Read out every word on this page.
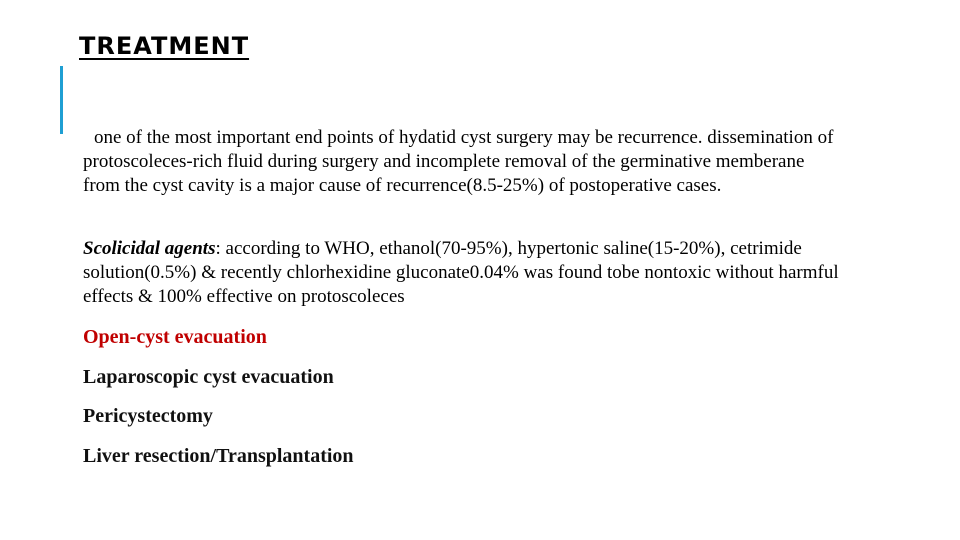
TREATMENT
one of the most important end points of hydatid cyst surgery may be recurrence. dissemination of protoscoleces-rich fluid during surgery and incomplete removal of the germinative memberane from the cyst cavity is a major cause of recurrence(8.5-25%) of postoperative cases.
Scolicidal agents: according to WHO, ethanol(70-95%), hypertonic saline(15-20%), cetrimide solution(0.5%) & recently chlorhexidine gluconate0.04% was found tobe nontoxic without harmful effects & 100% effective on protoscoleces
Open-cyst evacuation
Laparoscopic cyst evacuation
Pericystectomy
Liver resection/Transplantation
